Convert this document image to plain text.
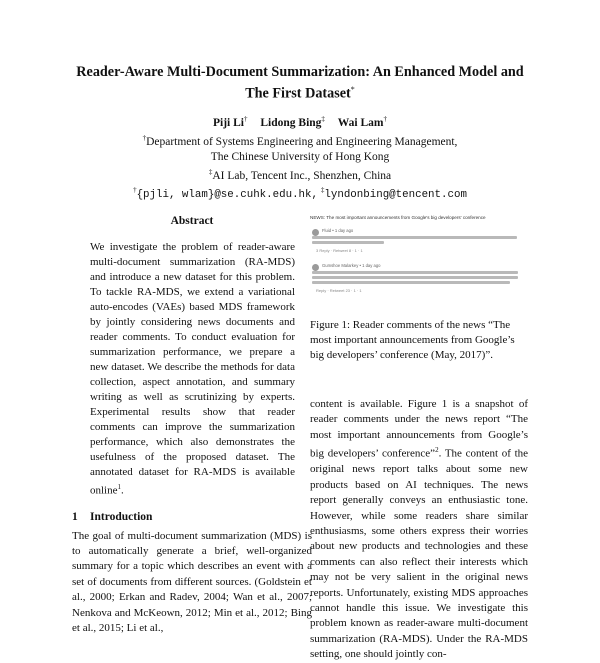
Reader-Aware Multi-Document Summarization: An Enhanced Model and
The First Dataset*
Piji Li† Lidong Bing‡ Wai Lam†
†Department of Systems Engineering and Engineering Management,
The Chinese University of Hong Kong
‡AI Lab, Tencent Inc., Shenzhen, China
†{pjli, wlam}@se.cuhk.edu.hk, ‡lyndonbing@tencent.com
Abstract

We investigate the problem of reader-aware multi-document summarization (RA-MDS) and introduce a new dataset for this problem. To tackle RA-MDS, we extend a variational auto-encodes (VAEs) based MDS framework by jointly considering news documents and reader comments. To conduct evaluation for summarization performance, we prepare a new dataset. We describe the methods for data collection, aspect annotation, and summary writing as well as scrutinizing by experts. Experimental results show that reader comments can improve the summarization performance, which also demonstrates the usefulness of the proposed dataset. The annotated dataset for RA-MDS is available online$^1$.

1 Introduction

The goal of multi-document summarization (MDS) is to automatically generate a brief, well-organized summary for a topic which describes an event with a set of documents from different sources. (Goldstein et al., 2000; Erkan and Radev, 2004; Wan et al., 2007; Nenkova and McKeown, 2012; Min et al., 2012; Bing et al., 2015; Li et al.,

NEWS: The most important announcements from Google's big developers' conference
Fluid • 1 day ago
3 Reply · Retweet 8 · 1 · 1
Gumshoe Malarkey • 1 day ago
Reply · Retweet 23 · 1 · 1

Figure 1: Reader comments of the news “The most important announcements from Google’s big developers’ conference (May, 2017)”.

content is available. Figure 1 is a snapshot of reader comments under the news report “The most important announcements from Google’s big developers’ conference”$^2$. The content of the original news report talks about some new products based on AI techniques. The news report generally conveys an enthusiastic tone. However, while some readers share similar enthusiasms, some others express their worries about new products and technologies and these comments can also reflect their interests which may not be very salient in the original news reports. Unfortunately, existing MDS approaches cannot handle this issue. We investigate this problem known as reader-aware multi-document summarization (RA-MDS). Under the RA-MDS setting, one should jointly con-
